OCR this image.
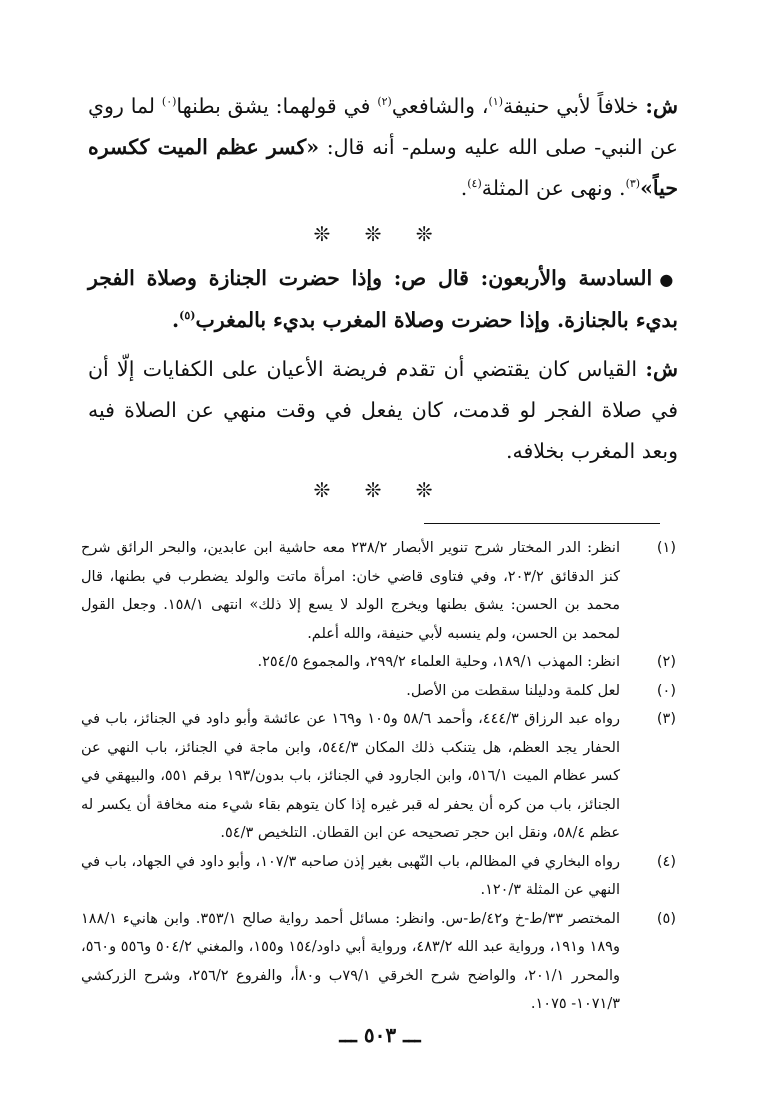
ش: خلافاً لأبي حنيفة$^{(١)}$، والشافعي$^{(٢)}$ في قولهما: يشق بطنها$^{(٠)}$ لما روي عن النبي- صلى الله عليه وسلم- أنه قال: «كسر عظم الميت ككسره حياً»$^{(٣)}$. ونهى عن المثلة$^{(٤)}$.

❊ ❊ ❊

● السادسة والأربعون: قال ص: وإذا حضرت الجنازة وصلاة الفجر بديء بالجنازة. وإذا حضرت وصلاة المغرب بديء بالمغرب$^{(٥)}$.

ش: القياس كان يقتضي أن تقدم فريضة الأعيان على الكفايات إلّا أن في صلاة الفجر لو قدمت، كان يفعل في وقت منهي عن الصلاة فيه وبعد المغرب بخلافه.

❊ ❊ ❊
(١)
انظر: الدر المختار شرح تنوير الأبصار ٢٣٨/٢ معه حاشية ابن عابدين، والبحر الرائق شرح كنز الدقائق ٢٠٣/٢، وفي فتاوى قاضي خان: امرأة ماتت والولد يضطرب في بطنها، قال محمد بن الحسن: يشق بطنها ويخرج الولد لا يسع إلا ذلك» انتهى ١٥٨/١. وجعل القول لمحمد بن الحسن، ولم ينسبه لأبي حنيفة، والله أعلم.
(٢)
انظر: المهذب ١٨٩/١، وحلية العلماء ٢٩٩/٢، والمجموع ٢٥٤/٥.
(٠)
لعل كلمة ودليلنا سقطت من الأصل.
(٣)
رواه عبد الرزاق ٤٤٤/٣، وأحمد ٥٨/٦ و١٠٥ و١٦٩ عن عائشة وأبو داود في الجنائز، باب في الحفار يجد العظم، هل يتنكب ذلك المكان ٥٤٤/٣، وابن ماجة في الجنائز، باب النهي عن كسر عظام الميت ٥١٦/١، وابن الجارود في الجنائز، باب بدون/١٩٣ برقم ٥٥١، والبيهقي في الجنائز، باب من كره أن يحفر له قبر غيره إذا كان يتوهم بقاء شيء منه مخافة أن يكسر له عظم ٥٨/٤، ونقل ابن حجر تصحيحه عن ابن القطان. التلخيص ٥٤/٣.
(٤)
رواه البخاري في المظالم، باب النّهبى بغير إذن صاحبه ١٠٧/٣، وأبو داود في الجهاد، باب في النهي عن المثلة ١٢٠/٣.
(٥)
المختصر ٣٣/ط-خ و٤٢/ط-س. وانظر: مسائل أحمد رواية صالح ٣٥٣/١. وابن هانيء ١٨٨/١ و١٨٩ و١٩١، ورواية عبد الله ٤٨٣/٢، ورواية أبي داود/١٥٤ و١٥٥، والمغني ٥٠٤/٢ و٥٥٦ و٥٦٠، والمحرر ٢٠١/١، والواضح شرح الخرقي ٧٩/١ب و٨٠أ، والفروع ٢٥٦/٢، وشرح الزركشي ١٠٧١/٣- ١٠٧٥.
ـــ ٥٠٣ ـــ
